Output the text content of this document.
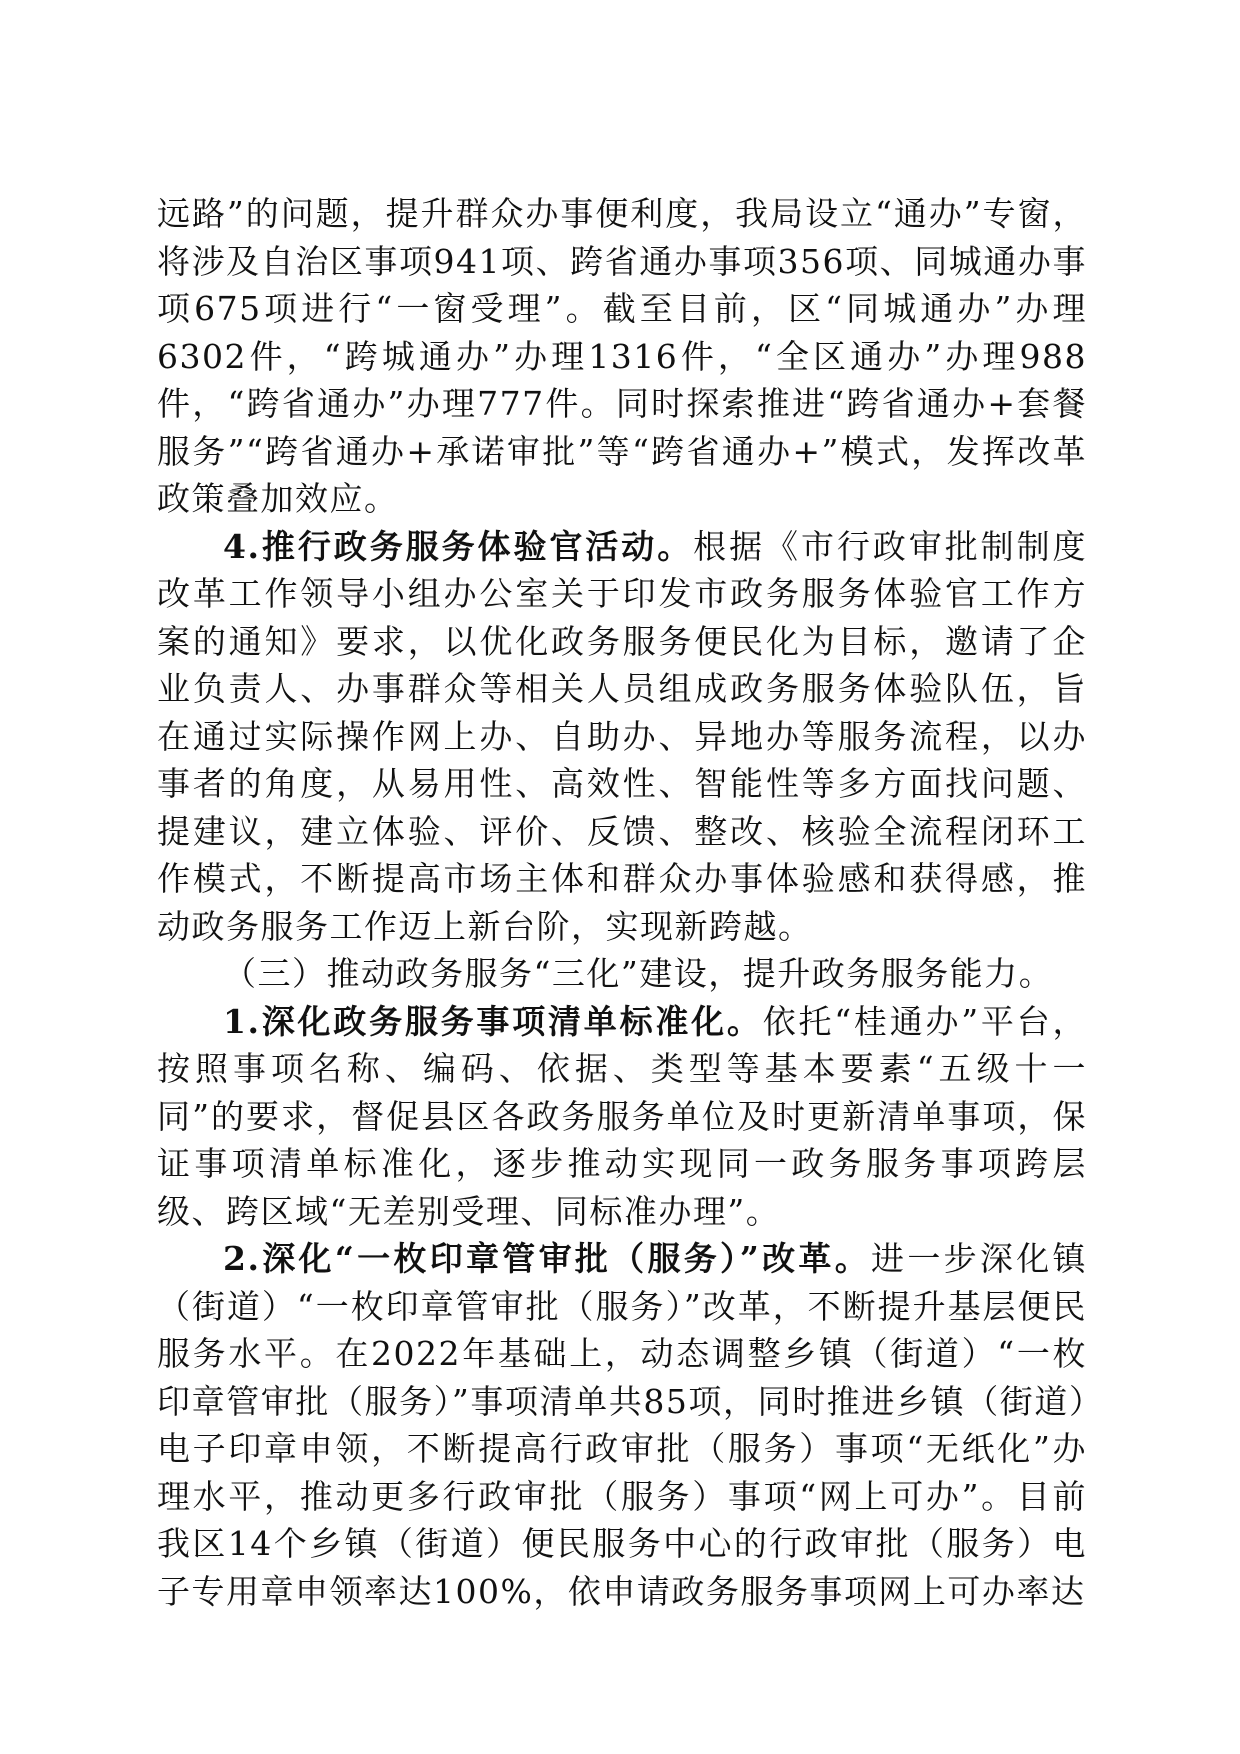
远路”的问题，提升群众办事便利度，我局设立“通办”专窗，将涉及自治区事项941项、跨省通办事项356项、同城通办事项675项进行“一窗受理”。截至目前，区“同城通办”办理6302件，“跨城通办”办理1316件，“全区通办”办理988件，“跨省通办”办理777件。同时探索推进“跨省通办+套餐服务”“跨省通办+承诺审批”等“跨省通办+”模式，发挥改革政策叠加效应。

4.推行政务服务体验官活动。根据《市行政审批制制度改革工作领导小组办公室关于印发市政务服务体验官工作方案的通知》要求，以优化政务服务便民化为目标，邀请了企业负责人、办事群众等相关人员组成政务服务体验队伍，旨在通过实际操作网上办、自助办、异地办等服务流程，以办事者的角度，从易用性、高效性、智能性等多方面找问题、提建议，建立体验、评价、反馈、整改、核验全流程闭环工作模式，不断提高市场主体和群众办事体验感和获得感，推动政务服务工作迈上新台阶，实现新跨越。

（三）推动政务服务“三化”建设，提升政务服务能力。

1.深化政务服务事项清单标准化。依托“桂通办”平台，按照事项名称、编码、依据、类型等基本要素“五级十一同”的要求，督促县区各政务服务单位及时更新清单事项，保证事项清单标准化，逐步推动实现同一政务服务事项跨层级、跨区域“无差别受理、同标准办理”。

2.深化“一枚印章管审批（服务）”改革。进一步深化镇（街道）“一枚印章管审批（服务）”改革，不断提升基层便民服务水平。在2022年基础上，动态调整乡镇（街道）“一枚印章管审批（服务）”事项清单共85项，同时推进乡镇（街道）电子印章申领，不断提高行政审批（服务）事项“无纸化”办理水平，推动更多行政审批（服务）事项“网上可办”。目前我区14个乡镇（街道）便民服务中心的行政审批（服务）电子专用章申领率达100%，依申请政务服务事项网上可办率达
